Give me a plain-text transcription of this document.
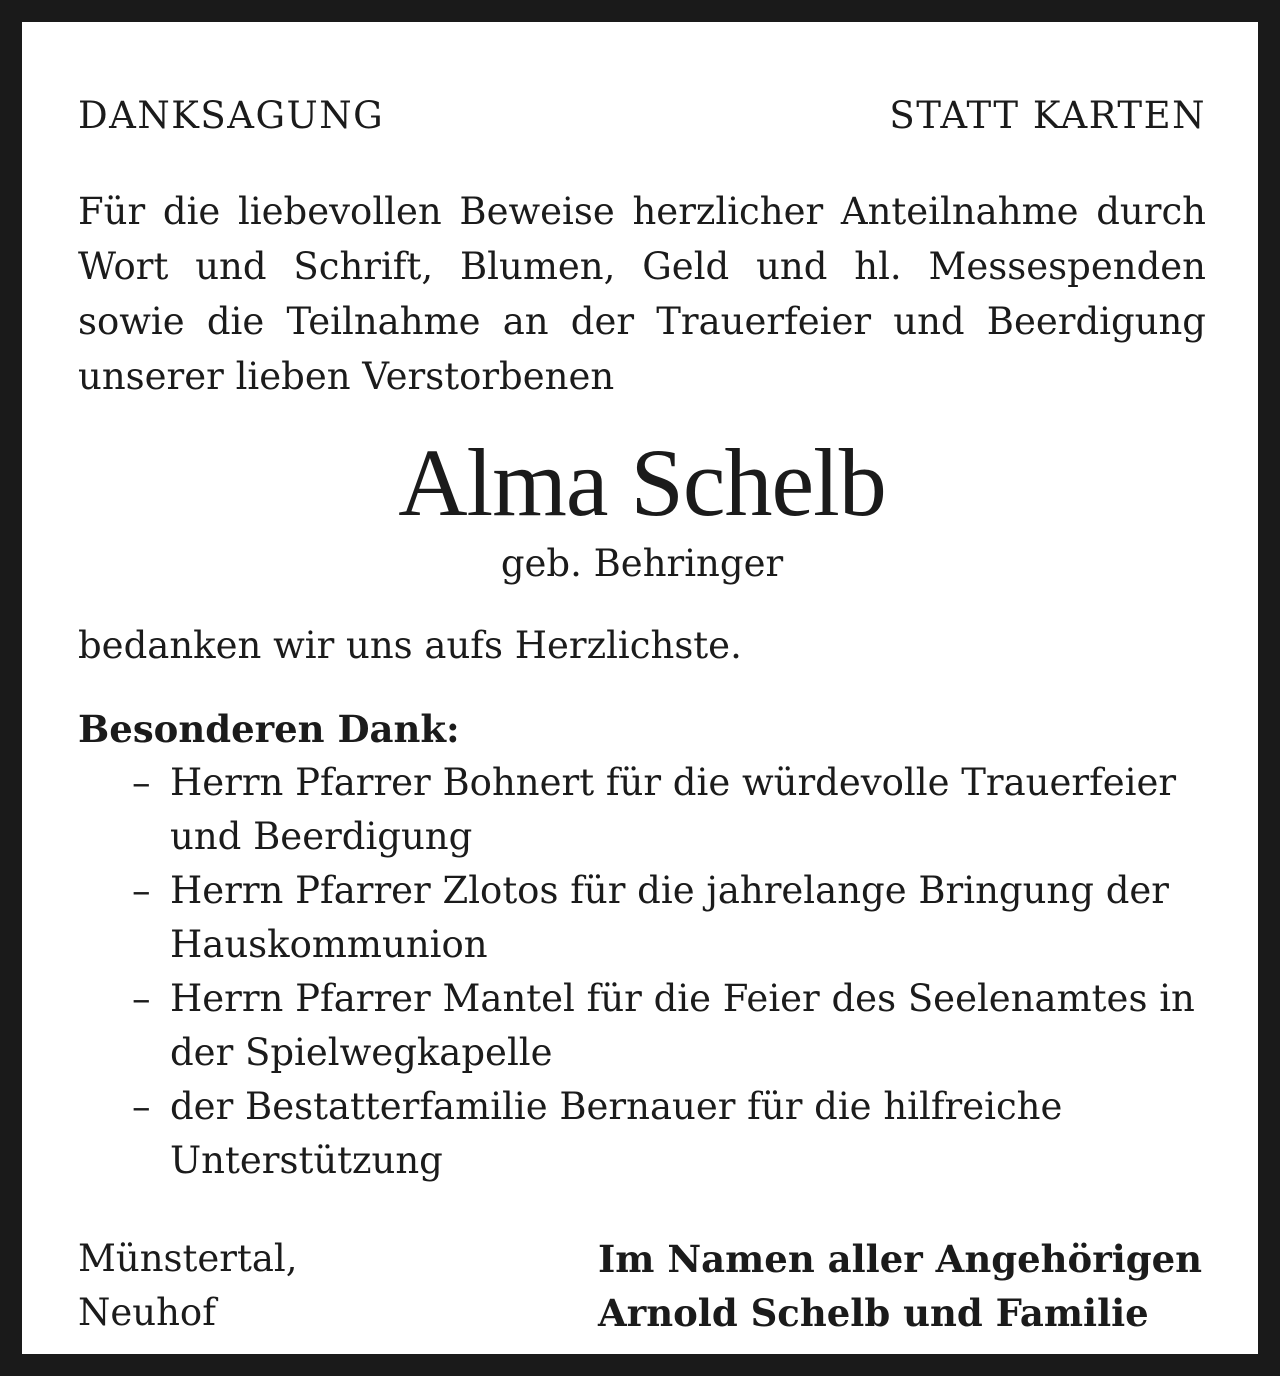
DANKSAGUNG	STATT KARTEN
Für die liebevollen Beweise herzlicher Anteilnahme durch Wort und Schrift, Blumen, Geld und hl. Messespenden sowie die Teilnahme an der Trauerfeier und Beerdigung unserer lieben Verstorbenen
Alma Schelb
geb. Behringer
bedanken wir uns aufs Herzlichste.
Besonderen Dank:
– Herrn Pfarrer Bohnert für die würdevolle Trauerfeier und Beerdigung
– Herrn Pfarrer Zlotos für die jahrelange Bringung der Hauskommunion
– Herrn Pfarrer Mantel für die Feier des Seelenamtes in der Spielwegkapelle
– der Bestatterfamilie Bernauer für die hilfreiche Unterstützung
Münstertal,
Neuhof
Im Namen aller Angehörigen
Arnold Schelb und Familie
